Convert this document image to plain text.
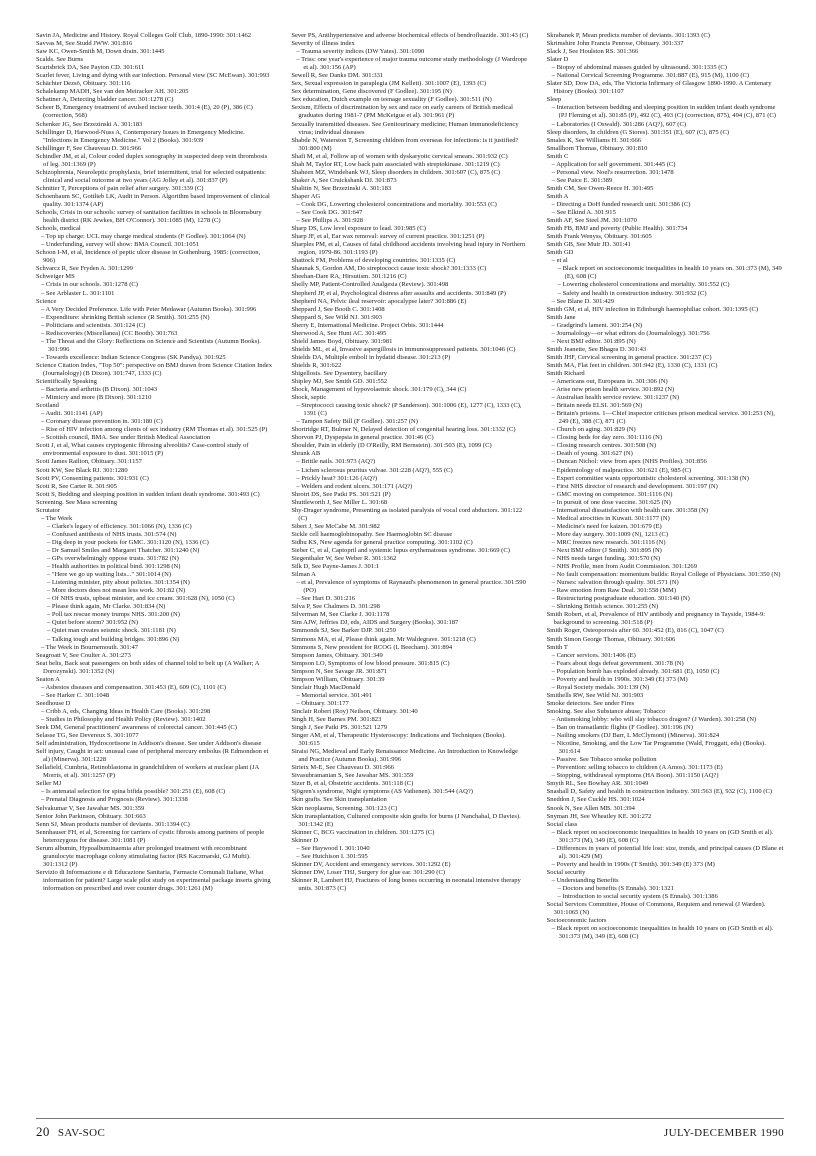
Savin JA, Medicine and History. Royal Colleges Golf Club, 1890-1990: 301:1462

Savvas M, See Studd JWW. 301:816

Saw KC, Owen-Smith M, Down drain. 301:1445

Scalds. See Burns

Scarisbrick DA, See Payton CD. 301:611

Scarlet fever, Living and dying with ear infection. Personal view (SC McEwan). 301:993

Schächter Dezsö, Obituary. 301:116

Schalekamp MADH, See van den Meiracker AH. 301:205

Schattner A, Detecting bladder cancer. 301:1278 (C)

Scheer B, Emergency treatment of avulsed incisor teeth. 301:4 (E), 20 (P), 386 (C) (correction, 568)

Schenker JG, See Brzezinski A. 301:183

Schillinger D, Harwood-Nuss A, Contemporary Issues in Emergency Medicine. "Infections in Emergency Medicine." Vol 2 (Books). 301:939

Schillinger F, See Chauveau D. 301:966

Schindler JM, et al, Colour coded duplex sonography in suspected deep vein thrombosis of leg. 301:1369 (P)

Schizophrenia, Neuroleptic prophylaxis, brief intermittent, trial for selected outpatients: clinical and social outcome at two years (AG Jolley et al). 301:837 (P)

Schnitter T, Perceptions of pain relief after surgery. 301:339 (C)

Schoenbaum SC, Gottlieb LK, Audit in Person. Algorithm based improvement of clinical quality. 301:1374 (AP)

Schools, Crisis in our schools: survey of sanitation facilities in schools in Bloomsbury health district (RK Jewkes, BH O'Connor). 301:1085 (M), 1278 (C)

Schools, medical

– Top up charge: UCL may charge medical students (F Godlee). 301:1064 (N)

– Underfunding, survey will show: BMA Council. 301:1051

Schoon I-M, et al, Incidence of peptic ulcer disease in Gothenburg, 1985: (correction, 906)

Schvarcz R, See Fryden A. 301:1299

Schweiger MS

– Crisis in our schools. 301:1278 (C)

– See Arblaster L. 301:1101

Science

– A Very Decided Preference. Life with Peter Medawar (Autumn Books). 301:996

– Expenditure: shrinking British science (R Smith). 301:255 (N)

– Politicians and scientists. 301:124 (C)

– Rediscoveries (Miscellanea) (CC Booth). 301:763

– The Threat and the Glory: Reflections on Science and Scientists (Autumn Books). 301:996

– Towards excellence: Indian Science Congress (SK Pandya). 301:925

Science Citation Index, "Top 50": perspective on BMJ drawn from Science Citation Index (Journalology) (B Dixon). 301:747, 1333 (C)

Scientifically Speaking

– Bacteria and arthritis (B Dixon). 301:1043

– Mimicry and more (B Dixon). 301:1210

Scotland

– Audit. 301:1141 (AP)

– Coronary disease prevention in. 301:180 (C)

– Rise of HIV infection among clients of sex industry (RM Thomas et al). 301:525 (P)

– Scottish council, BMA. See under British Medical Association

Scott J, et al, What causes cryptogenic fibrosing alveolitis? Case-control study of environmental exposure to dust. 301:1015 (P)

Scott James Railton, Obituary. 301:1157

Scott KW, See Black RJ. 301:1280

Scott PV, Consenting patients. 301:931 (C)

Scott R, See Carter R. 301:905

Scott S, Bedding and sleeping position in sudden infant death syndrome. 301:493 (C)

Screening. See Mass screening

Scrutator

– The Week

– Clarke's legacy of efficiency. 301:1066 (N), 1336 (C)

– Confused antithesis of NHS trusts. 301:574 (N)

– Dig deep in your pockets for GMC. 301:1120 (N), 1336 (C)

– Dr Samuel Smiles and Margaret Thatcher. 301:1240 (N)

– GPs overwhelmingly oppose trusts. 301:782 (N)

– Health authorities in political bind. 301:1298 (N)

– "Here we go up waiting lists..." 301:1014 (N)

– Listening minister, pity about policies. 301:1354 (N)

– More doctors does not mean less work. 301:82 (N)

– Of NHS trusts, upbeat minister, and ice cream. 301:628 (N), 1050 (C)

– Please think again, Mr Clarke. 301:834 (N)

– Poll tax rescue money trumps NHS. 301:200 (N)

– Quiet before storm? 301:952 (N)

– Quiet man creates seismic shock. 301:1181 (N)

– Talking tough and building bridges. 301:896 (N)

– The Week in Bournemouth. 301:47

Seagroatt V, See Coulter A. 301:273

Seat belts, Back seat passengers on both sides of channel told to belt up (A Walker; A Dorozynski). 301:1352 (N)

Seaton A

– Asbestos diseases and compensation. 301:453 (E), 609 (C), 1101 (C)

– See Harker C. 301:1048

Seedhouse D

– Cribb A, eds, Changing Ideas in Health Care (Books). 301:298

– Studies in Philosophy and Health Policy (Review). 301:1402

Seek DM, General practitioners' awareness of colorectal cancer. 301:445 (C)

Selasse TG, See Devereux S. 301:1077

Self administration, Hydrocortisone in Addison's disease. See under Addison's disease

Self injury, Caught in act: unusual case of peripheral mercury embolus (R Edmondson et al) (Minerva). 301:1228

Sellafield, Cumbria, Retinoblastoma in grandchildren of workers at nuclear plant (JA Morris, et al). 301:1257 (P)

Seller MJ

– Is antenatal selection for spina bifida possible? 301:251 (E), 608 (C)

– Prenatal Diagnosis and Prognosis (Review). 301:1338

Selvakumar V, See Jawahar MS. 301:359

Senior John Parkinson, Obituary. 301:663

Senn SJ, Mean products number of deviants. 301:1394 (C)

Sennhauser FH, et al, Screening for carriers of cystic fibrosis among partners of people heterozygous for disease. 301:1081 (P)

Serum albumin, Hypoalbuminaemia after prolonged treatment with recombinant granulocyte macrophage colony stimulating factor (RS Kaczmarski, GJ Mufti). 301:1312 (P)

Servizio di Informazione e di Educazione Sanitaria, Farmacie Comunali Italiane, What information for patient? Large scale pilot study on experimental package inserts giving information on prescribed and over counter drugs. 301:1261 (M)

Sever PS, Antihypertensive and adverse biochemical effects of bendrofluazide. 301:43 (C)

Severity of illness index

– Trauma severity indices (DW Yates). 301:1090

– Triss: one year's experience of major trauma outcome study methodology (J Wardrope et al). 301:156 (AP)

Sewell R, See Danks DM. 301:331

Sex, Sexual expression in paraplegia (JM Kellett). 301:1007 (E), 1393 (C)

Sex determination, Gene discovered (F Godlee). 301:195 (N)

Sex education, Dutch example on teenage sexuality (F Godlee). 301:511 (N)

Sexism, Effects of discrimination by sex and race on early careers of British medical graduates during 1981-7 (PM McKeigue et al). 301:961 (P)

Sexually transmitted diseases. See Genitourinary medicine; Human immunodeficiency virus; individual diseases

Shabde N, Waterston T, Screening children from overseas for infections: is it justified? 301:800 (M)

Shafi M, et al, Follow up of women with dyskaryotic cervical smears. 301:932 (C)

Shah M, Taylor RT, Low back pain associated with streptokinase. 301:1219 (C)

Shaheen MZ, Windebank WJ, Sleep disorders in children. 301:607 (C), 875 (C)

Shaker A, See Cruickshank DJ. 301:873

Shalitin N, See Brzezinski A. 301:183

Shaper AG

– Cook DG, Lowering cholesterol concentrations and mortality. 301:553 (C)

– See Cook DG. 301:647

– See Phillips A. 301:928

Sharp DS, Low level exposure to lead. 301:985 (C)

Sharp JF, et al, Ear wax removal: survey of current practice. 301:1251 (P)

Sharples PM, et al, Causes of fatal childhood accidents involving head injury in Northern region, 1979-86. 301:1193 (P)

Shattock FM, Problems of developing countries. 301:1335 (C)

Shaunak S, Gordon AM, Do streptococci cause toxic shock? 301:1333 (C)

Sheehan-Dare RA, Hirsutism. 301:1216 (C)

Shelly MP, Patient-Controlled Analgesia (Review). 301:498

Shepherd JP, et al, Psychological distress after assaults and accidents. 301:849 (P)

Shepherd NA, Pelvic ileal reservoir: apocalypse later? 301:886 (E)

Sheppard J, See Booth C. 301:1408

Sheppard S, See Wild NJ. 301:903

Sherry E, International Medicine. Project Orbis. 301:1444

Sherwood A, See Hunt AC. 301:495

Shield James Boyd, Obituary. 301:981

Shields ML, et al, Invasive aspergillosis in immunosuppressed patients. 301:1046 (C)

Shields DA, Multiple emboli in hydatid disease. 301:213 (P)

Shields R, 301:622

Shigellosis. See Dysentery, bacillary

Shipley MJ, See Smith GD. 301:552

Shock, Management of hypovolaemic shock. 301:179 (C), 344 (C)

Shock, septic

– Streptococci causing toxic shock? (P Sanderson). 301:1006 (E), 1277 (C), 1333 (C), 1391 (C)

– Tampon Safety Bill (F Godlee). 301:257 (N)

Shortridge RT, Bulmer N, Delayed detection of congenital hearing loss. 301:1332 (C)

Shorvon PJ, Dyspepsia in general practice. 301:46 (C)

Shoulder, Pain in elderly (D O'Reilly, RM Bernstein). 301:503 (E), 1099 (C)

Shrank AB

– Brittle nails. 301:973 (AQ?)

– Lichen sclerosus pruritus vulvae. 301:228 (AQ?), 555 (C)

– Prickly heat? 301:126 (AQ?)

– Welders and rodent ulcers. 301:171 (AQ?)

Shrotri DS, See Patki PS. 301:521 (P)

Shuttleworth J, See Miller L. 301:68

Shy-Drager syndrome, Presenting as isolated paralysis of vocal cord abductors. 301:122 (C)

Sibert J, See McCabe M. 301:982

Sickle cell haemoglobinopathy. See Haemoglobin SC disease

Sidhu KS, New agenda for general practice computing. 301:1102 (C)

Sieber C, et al, Captopril and systemic lupus erythematosus syndrome. 301:669 (C)

Siegenthaler W, See Weber R. 301:1362

Silk D, See Payne-James J. 301:1

Silman A

– et al, Prevalence of symptoms of Raynaud's phenomenon in general practice. 301:590 (PO)

– See Hart D. 301:216

Silva P, See Chalmers D. 301:298

Silverman M, See Clarke J. 301:1178

Sim AJW, Jeffries DJ, eds, AIDS and Surgery (Books). 301:187

Simmonds SJ, See Barker DJP. 301:259

Simmons MA, et al, Please think again. Mr Waldegrave. 301:1218 (C)

Simmons S, New president for RCOG (L Beecham). 301:894

Simpson James, Obituary. 301:349

Simpson LO, Symptoms of low blood pressure. 301:815 (C)

Simpson N, See Savage JR. 301:871

Simpson William, Obituary. 301:39

Sinclair Hugh MacDonald

– Memorial service. 301:491

– Obituary. 301:177

Sinclair Robert (Roy) Neilson, Obituary. 301:40

Singh H, See Barnes PM. 301:823

Singh J, See Patki PS. 301:521 1279

Singer AM, et al, Therapeutic Hysteroscopy: Indications and Techniques (Books). 301:615

Siraisi NG, Medieval and Early Renaissance Medicine. An Introduction to Knowledge and Practice (Autumn Books). 301:996

Sirieix M-E, See Chauveau D. 301:966

Sivasubramanian S, See Jawahar MS. 301:359

Sizer B, et al, Obstetric accidents. 301:118 (C)

Sjögren's syndrome, Night symptoms (AS Vathenen). 301:544 (AQ?)

Skin grafts. See Skin transplantation

Skin neoplasms, Screening. 301:123 (C)

Skin transplantation, Cultured composite skin grafts for burns (J Nanchahal, D Davies). 301:1342 (E)

Skinner C, BCG vaccination in children. 301:1275 (C)

Skinner D

– See Haywood I. 301:1040

– See Hutchison I. 301:595

Skinner DV, Accident and emergency services. 301:1292 (E)

Skinner DW, Loser THJ, Surgery for glue ear. 301:290 (C)

Skinner R, Lambert HJ, Fractures of long bones occurring in neonatal intensive therapy units. 301:873 (C)

Skrabanek P, Mean predicts number of deviants. 301:1393 (C)

Skrimshire John Francis Penrose, Obituary. 301:337

Slack J, See Houlston RS. 301:366

Slater D

– Biopsy of abdominal masses guided by ultrasound. 301:1335 (C)

– National Cervical Screening Programme. 301:887 (E), 915 (M), 1100 (C)

Slater SD, Dow DA, eds, The Victoria Infirmary of Glasgow 1890-1990. A Centenary History (Books). 301:1107

Sleep

– Interaction between bedding and sleeping position in sudden infant death syndrome (PJ Fleming et al). 301:85 (P), 492 (C), 493 (C) (correction, 875), 494 (C), 871 (C)

– Laboratories (I Oswald). 301:286 (AQ?), 607 (C)

Sleep disorders, In children (G Stores). 301:351 (E), 607 (C), 875 (C)

Smales K, See Williams H. 301:666

Smallhorn Thomas, Obituary. 301:810

Smith C

– Application for self government. 301:445 (C)

– Personal view. Noel's resurrection. 301:1478

– See Paice E. 301:389

Smith CM, See Owen-Reece H. 301:495

Smith A

– Directing a DoH funded research unit. 301:386 (C)

– See Elkind A. 301:915

Smith AF, See Steel JM. 301:1070

Smith FB, BMJ and poverty (Public Health). 301:734

Smith Frank Wenyss, Obituary. 301:605

Smith GB, See Muir JD. 301:41

Smith GD

– et al

– Black report on socioeconomic inequalities in health 10 years on. 301:373 (M), 349 (E), 608 (C)

– Lowering cholesterol concentrations and mortality. 301:552 (C)

– Safety and health in construction industry. 301:932 (C)

– See Blane D. 301:429

Smith GM, et al, HIV infection in Edinburgh haemophiliac cohort. 301:1395 (C)

Smith Jane

– Gradgrind's lament. 301:254 (N)

– Journalology—or what editors do (Journalology). 301:756

– Next BMJ editor. 301:895 (N)

Smith Jeanette, See Bhagra D. 301:43

Smith JHF, Cervical screening in general practice. 301:237 (C)

Smith MA, Flat feet in children. 301:942 (E), 1330 (C), 1331 (C)

Smith Richard

– Americans out, Europeans in. 301:306 (N)

– Arise new prison health service. 301:892 (N)

– Australian health service review. 301:1237 (N)

– Britain needs ELSI. 301:569 (N)

– Britain's prisons. 1—Chief inspector criticises prison medical service. 301:253 (N), 249 (E), 388 (C), 871 (C)

– Church on aging. 301:829 (N)

– Closing beds for day zero. 301:1116 (N)

– Closing research centres. 301:508 (N)

– Death of young. 301:627 (N)

– Duncan Nichol: view from apex (NHS Profiles). 301:856

– Epidemiology of malpractice. 301:621 (E), 985 (C)

– Expert committee wants opportunistic cholesterol screening. 301:138 (N)

– First NHS director of research and development. 301:197 (N)

– GMC moving on competence. 301:1116 (N)

– In pursuit of one dose vaccine. 301:625 (N)

– International dissatisfaction with health care. 301:358 (N)

– Medical atrocities in Kuwait. 301:1177 (N)

– Medicine's need for kaizen. 301:679 (E)

– More day surgery. 301:1009 (N), 1213 (C)

– MRC freezes new research. 301:1116 (N)

– Next BMJ editor (J Smith). 301:895 (N)

– NHS needs target funding. 301:570 (N)

– NHS Profile, men from Audit Commission. 301:1269

– No fault compensation: momentum builds: Royal College of Physicians. 301:350 (N)

– Nurses: salvation through quality. 301:571 (N)

– Raw emotion from Raw Deal. 301:558 (MM)

– Restructuring postgraduate education. 301:140 (N)

– Shrinking British science. 301:255 (N)

Smith Robert, et al, Prevalence of HIV antibody and pregnancy in Tayside, 1984-9: background to screening. 301:518 (P)

Smith Roger, Osteoporosis after 60. 301:452 (E), 816 (C), 1047 (C)

Smith Simon George Thomas, Obituary. 301:606

Smith T

– Cancer services. 301:1406 (E)

– Fears about dogs defeat government. 301:78 (N)

– Population bomb has exploded already. 301:681 (E), 1050 (C)

– Poverty and health in 1990s. 301:349 (E) 373 (M)

– Royal Society medals. 301:139 (N)

Smithells RW, See Wild NJ. 301:903

Smoke detectors. See under Fires

Smoking. See also Substance abuse; Tobacco

– Antismoking lobby: who will slay tobacco dragon? (J Warden). 301:258 (N)

– Ban on transatlantic flights (F Godlee). 301:196 (N)

– Nailing smokers (DJ Barr, L McClymont) (Minerva). 301:824

– Nicotine, Smoking, and the Low Tar Programme (Wald, Froggatt, eds) (Books). 301:614

– Passive. See Tobacco smoke pollution

– Prevention: selling tobacco to children (A Amos). 301:1173 (E)

– Stopping, withdrawal symptoms (HA Boon). 301:1150 (AQ?)

Smyth RL, See Bowhay AR. 301:1049

Snashall D, Safety and health in construction industry. 301:563 (E), 932 (C), 1100 (C)

Sneddon J, See Cuckle HS. 301:1024

Snook N, See Allen MB. 301:394

Snyman JH, See Wheatley KE. 301:272

Social class

– Black report on socioeconomic inequalities in health 10 years on (GD Smith et al). 301:373 (M), 349 (E), 608 (C)

– Differences in years of potential life lost: size, trends, and principal causes (D Blane et al). 301:429 (M)

– Poverty and health in 1990s (T Smith). 301:349 (E) 373 (M)

Social security

– Understanding Benefits

– Doctors and benefits (S Ennals). 301:1321

– Introduction to social security system (S Ennals). 301:1386

Social Services Committee, House of Commons, Requiem and renewal (J Warden). 301:1065 (N)

Socioeconomic factors

– Black report on socioeconomic inequalities in health 10 years on (GD Smith et al). 301:373 (M), 349 (E), 608 (C)

20 SAV-SOC	JULY-DECEMBER 1990
